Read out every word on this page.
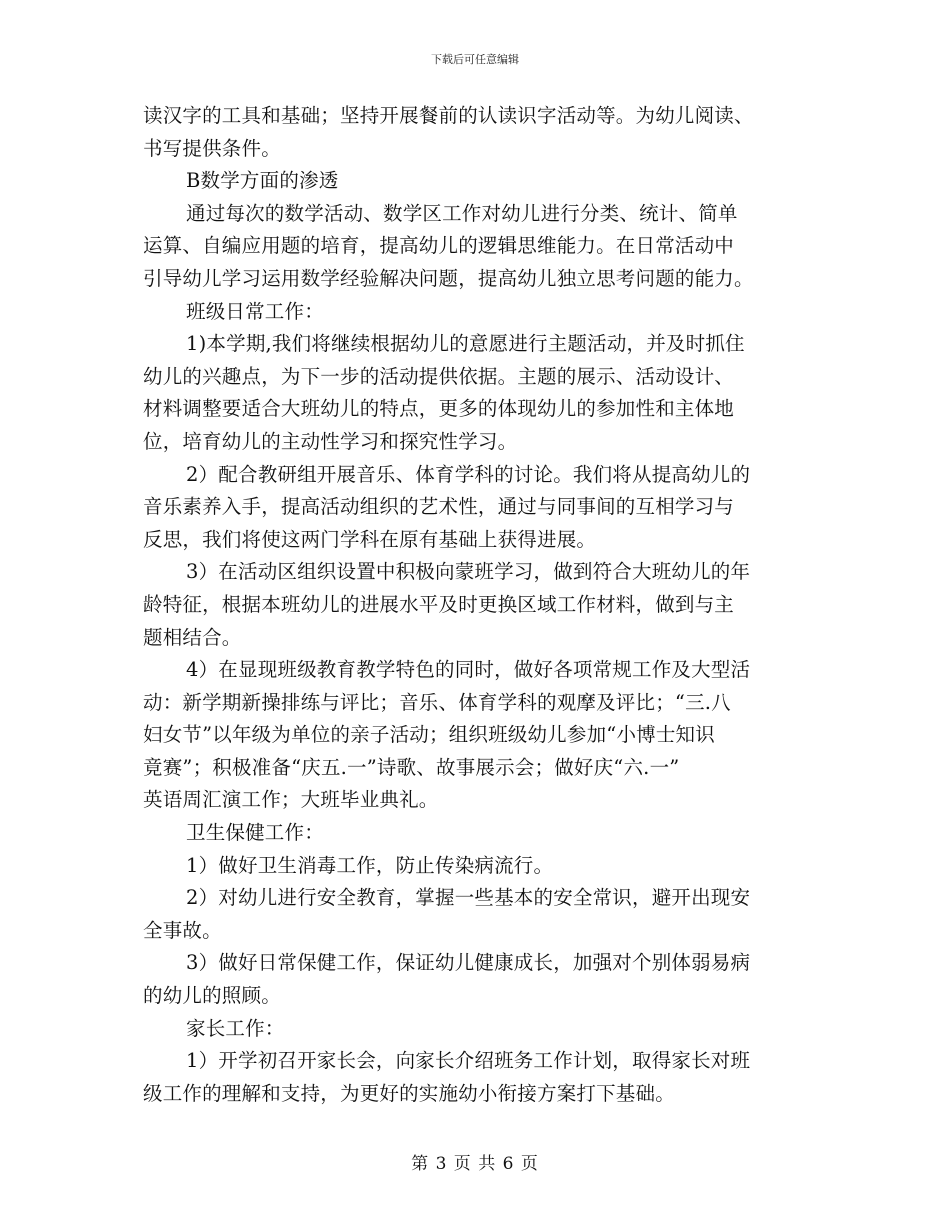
下载后可任意编辑
读汉字的工具和基础；坚持开展餐前的认读识字活动等。为幼儿阅读、
书写提供条件。
B数学方面的渗透
通过每次的数学活动、数学区工作对幼儿进行分类、统计、简单
运算、自编应用题的培育，提高幼儿的逻辑思维能力。在日常活动中
引导幼儿学习运用数学经验解决问题，提高幼儿独立思考问题的能力。
班级日常工作：
1)本学期,我们将继续根据幼儿的意愿进行主题活动，并及时抓住
幼儿的兴趣点，为下一步的活动提供依据。主题的展示、活动设计、
材料调整要适合大班幼儿的特点，更多的体现幼儿的参加性和主体地
位，培育幼儿的主动性学习和探究性学习。
2）配合教研组开展音乐、体育学科的讨论。我们将从提高幼儿的
音乐素养入手，提高活动组织的艺术性，通过与同事间的互相学习与
反思，我们将使这两门学科在原有基础上获得进展。
3）在活动区组织设置中积极向蒙班学习，做到符合大班幼儿的年
龄特征，根据本班幼儿的进展水平及时更换区域工作材料，做到与主
题相结合。
4）在显现班级教育教学特色的同时，做好各项常规工作及大型活
动：新学期新操排练与评比；音乐、体育学科的观摩及评比；“三.八
妇女节”以年级为单位的亲子活动；组织班级幼儿参加“小博士知识
竟赛”；积极准备“庆五.一”诗歌、故事展示会；做好庆“六.一”
英语周汇演工作；大班毕业典礼。
卫生保健工作：
1）做好卫生消毒工作，防止传染病流行。
2）对幼儿进行安全教育，掌握一些基本的安全常识，避开出现安
全事故。
3）做好日常保健工作，保证幼儿健康成长，加强对个别体弱易病
的幼儿的照顾。
家长工作：
1）开学初召开家长会，向家长介绍班务工作计划，取得家长对班
级工作的理解和支持，为更好的实施幼小衔接方案打下基础。
第 3 页 共 6 页
